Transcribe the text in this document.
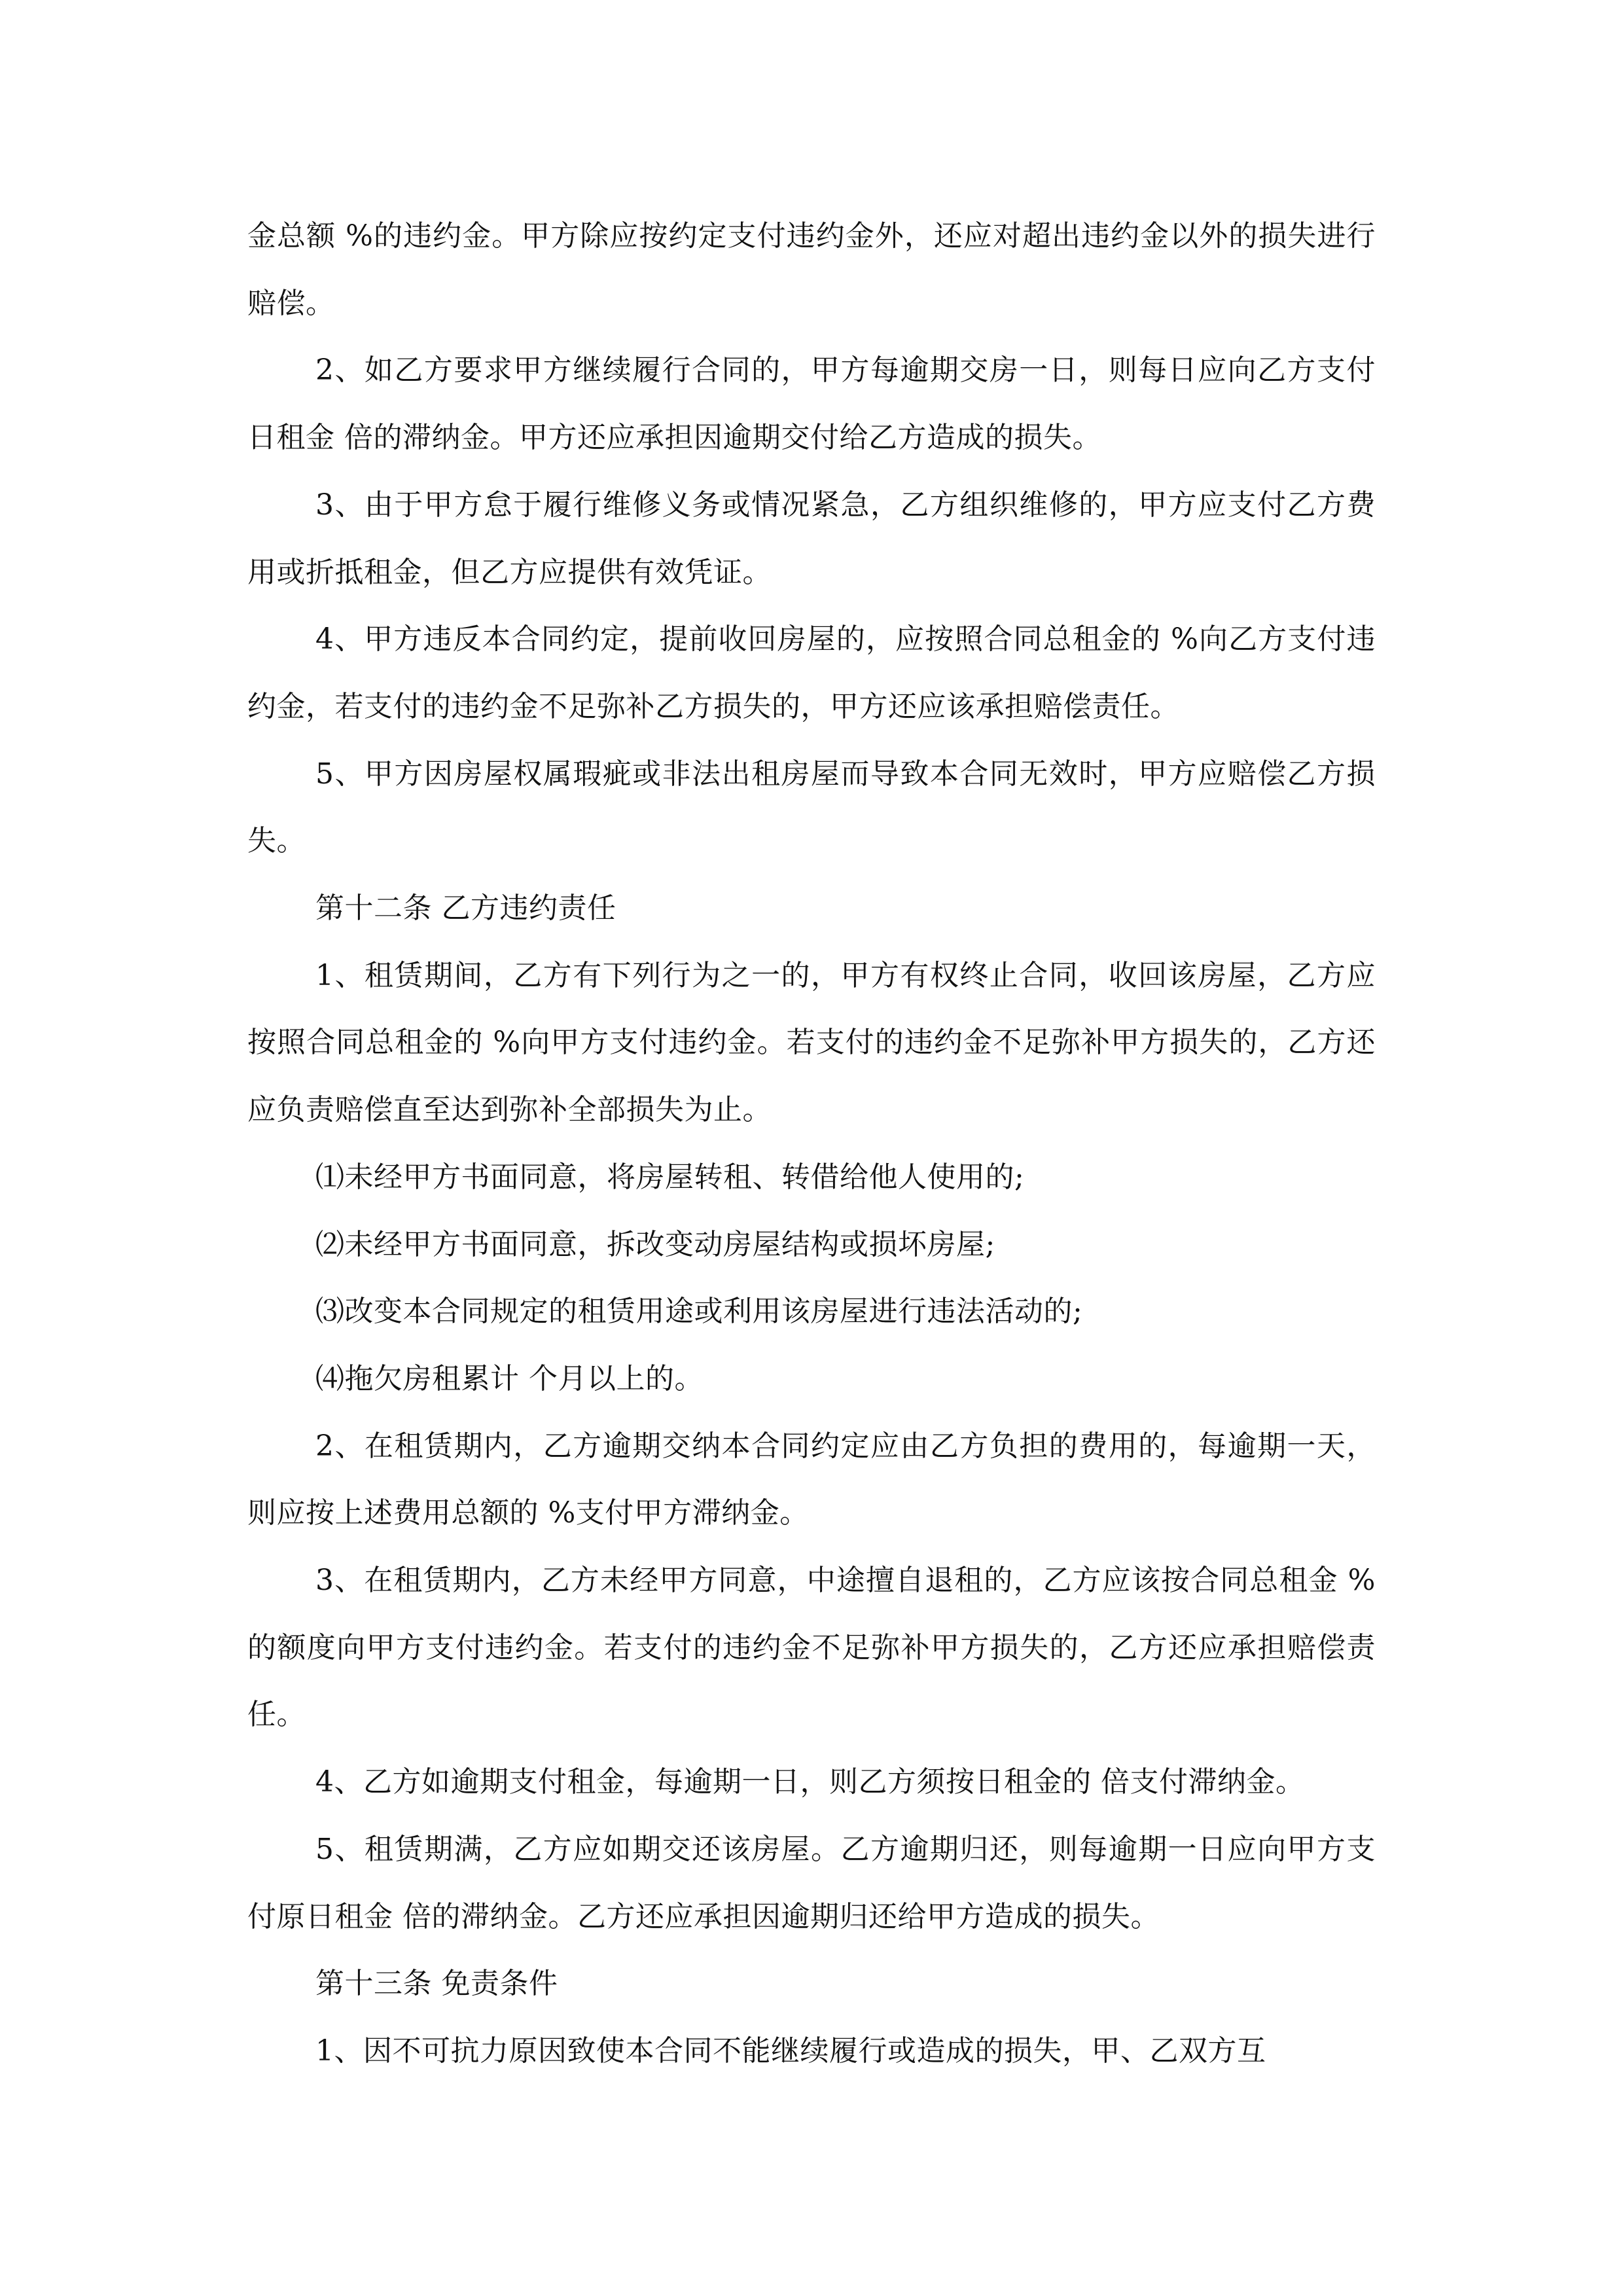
金总额 %的违约金。甲方除应按约定支付违约金外，还应对超出违约金以外的损失进行赔偿。

2、如乙方要求甲方继续履行合同的，甲方每逾期交房一日，则每日应向乙方支付日租金 倍的滞纳金。甲方还应承担因逾期交付给乙方造成的损失。

3、由于甲方怠于履行维修义务或情况紧急，乙方组织维修的，甲方应支付乙方费用或折抵租金，但乙方应提供有效凭证。

4、甲方违反本合同约定，提前收回房屋的，应按照合同总租金的 %向乙方支付违约金，若支付的违约金不足弥补乙方损失的，甲方还应该承担赔偿责任。

5、甲方因房屋权属瑕疵或非法出租房屋而导致本合同无效时，甲方应赔偿乙方损失。

第十二条 乙方违约责任

1、租赁期间，乙方有下列行为之一的，甲方有权终止合同，收回该房屋，乙方应按照合同总租金的 %向甲方支付违约金。若支付的违约金不足弥补甲方损失的，乙方还应负责赔偿直至达到弥补全部损失为止。

⑴未经甲方书面同意，将房屋转租、转借给他人使用的;

⑵未经甲方书面同意，拆改变动房屋结构或损坏房屋;

⑶改变本合同规定的租赁用途或利用该房屋进行违法活动的;

⑷拖欠房租累计 个月以上的。

2、在租赁期内，乙方逾期交纳本合同约定应由乙方负担的费用的，每逾期一天，则应按上述费用总额的 %支付甲方滞纳金。

3、在租赁期内，乙方未经甲方同意，中途擅自退租的，乙方应该按合同总租金 %的额度向甲方支付违约金。若支付的违约金不足弥补甲方损失的，乙方还应承担赔偿责任。

4、乙方如逾期支付租金，每逾期一日，则乙方须按日租金的 倍支付滞纳金。

5、租赁期满，乙方应如期交还该房屋。乙方逾期归还，则每逾期一日应向甲方支付原日租金 倍的滞纳金。乙方还应承担因逾期归还给甲方造成的损失。

第十三条 免责条件

1、因不可抗力原因致使本合同不能继续履行或造成的损失，甲、乙双方互
